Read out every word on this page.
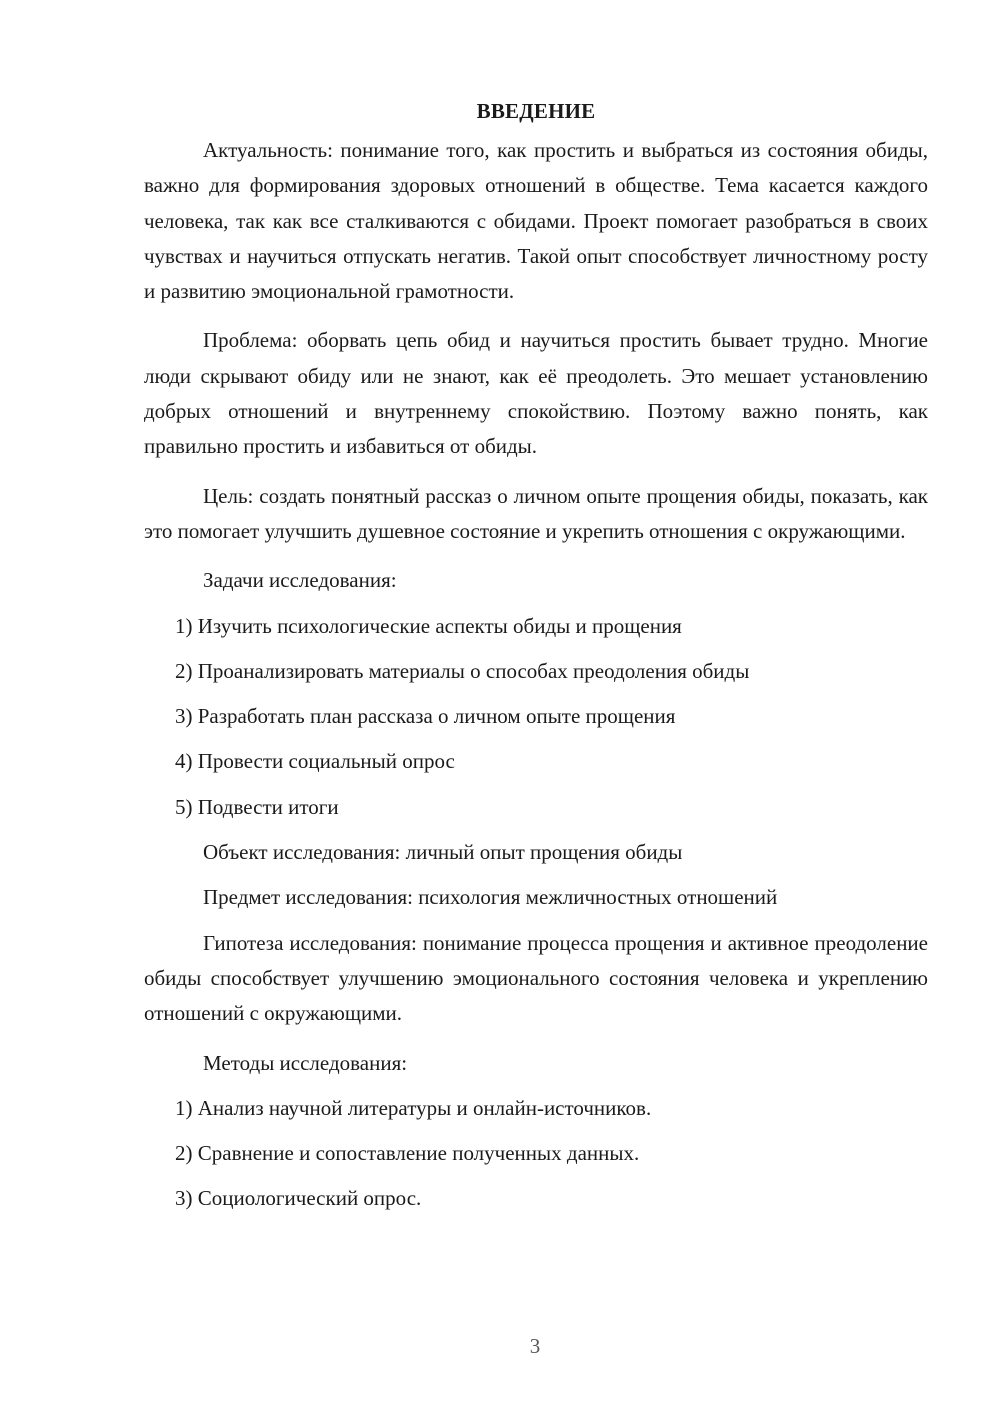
ВВЕДЕНИЕ

Актуальность: понимание того, как простить и выбраться из состояния обиды, важно для формирования здоровых отношений в обществе. Тема касается каждого человека, так как все сталкиваются с обидами. Проект помогает разобраться в своих чувствах и научиться отпускать негатив. Такой опыт способствует личностному росту и развитию эмоциональной грамотности.

Проблема: оборвать цепь обид и научиться простить бывает трудно. Многие люди скрывают обиду или не знают, как её преодолеть. Это мешает установлению добрых отношений и внутреннему спокойствию. Поэтому важно понять, как правильно простить и избавиться от обиды.

Цель: создать понятный рассказ о личном опыте прощения обиды, показать, как это помогает улучшить душевное состояние и укрепить отношения с окружающими.

Задачи исследования:

1) Изучить психологические аспекты обиды и прощения
2) Проанализировать материалы о способах преодоления обиды
3) Разработать план рассказа о личном опыте прощения
4) Провести социальный опрос
5) Подвести итоги

Объект исследования: личный опыт прощения обиды

Предмет исследования: психология межличностных отношений

Гипотеза исследования: понимание процесса прощения и активное преодоление обиды способствует улучшению эмоционального состояния человека и укреплению отношений с окружающими.

Методы исследования:

1) Анализ научной литературы и онлайн-источников.
2) Сравнение и сопоставление полученных данных.
3) Социологический опрос.
3
